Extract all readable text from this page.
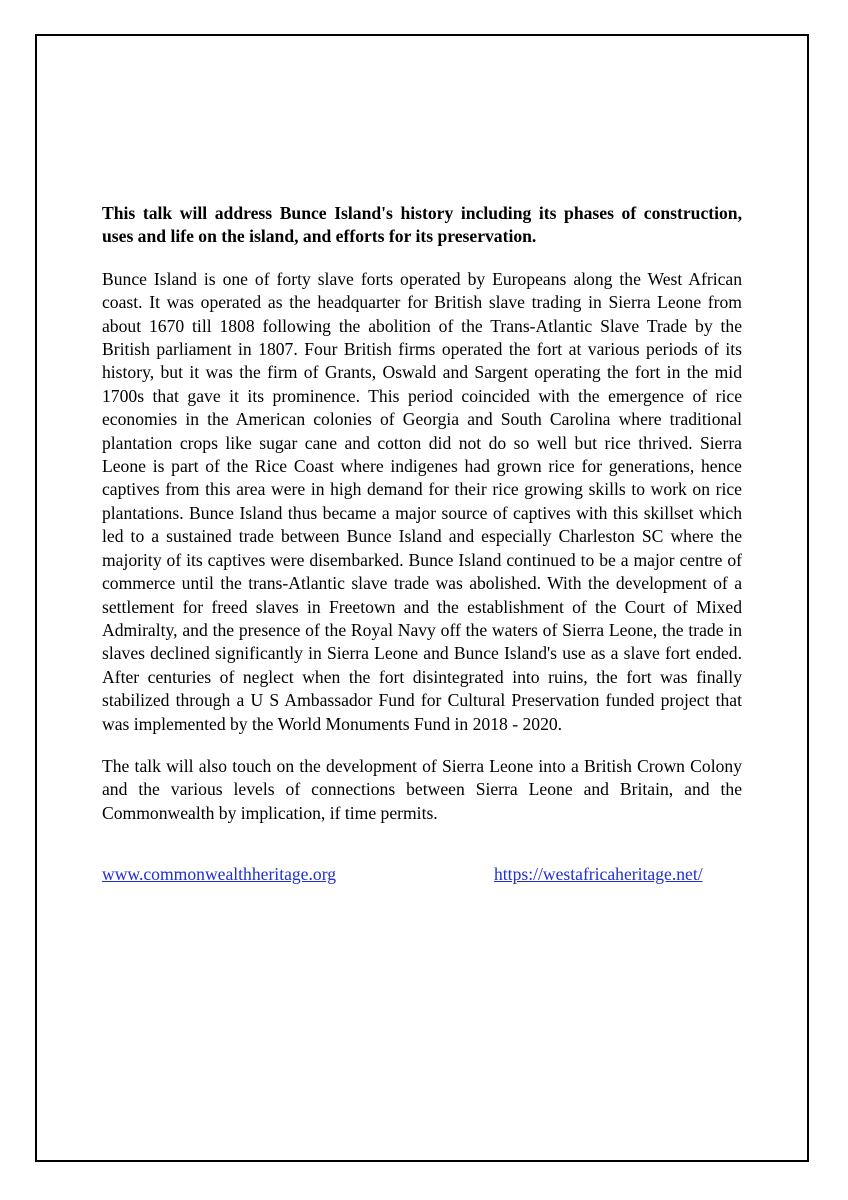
This talk will address Bunce Island's history including its phases of construction, uses and life on the island, and efforts for its preservation.

Bunce Island is one of forty slave forts operated by Europeans along the West African coast. It was operated as the headquarter for British slave trading in Sierra Leone from about 1670 till 1808 following the abolition of the Trans-Atlantic Slave Trade by the British parliament in 1807. Four British firms operated the fort at various periods of its history, but it was the firm of Grants, Oswald and Sargent operating the fort in the mid 1700s that gave it its prominence. This period coincided with the emergence of rice economies in the American colonies of Georgia and South Carolina where traditional plantation crops like sugar cane and cotton did not do so well but rice thrived. Sierra Leone is part of the Rice Coast where indigenes had grown rice for generations, hence captives from this area were in high demand for their rice growing skills to work on rice plantations. Bunce Island thus became a major source of captives with this skillset which led to a sustained trade between Bunce Island and especially Charleston SC where the majority of its captives were disembarked. Bunce Island continued to be a major centre of commerce until the trans-Atlantic slave trade was abolished. With the development of a settlement for freed slaves in Freetown and the establishment of the Court of Mixed Admiralty, and the presence of the Royal Navy off the waters of Sierra Leone, the trade in slaves declined significantly in Sierra Leone and Bunce Island's use as a slave fort ended. After centuries of neglect when the fort disintegrated into ruins, the fort was finally stabilized through a U S Ambassador Fund for Cultural Preservation funded project that was implemented by the World Monuments Fund in 2018 - 2020.

The talk will also touch on the development of Sierra Leone into a British Crown Colony and the various levels of connections between Sierra Leone and Britain, and the Commonwealth by implication, if time permits.

www.commonwealthheritage.org	https://westafricaheritage.net/
